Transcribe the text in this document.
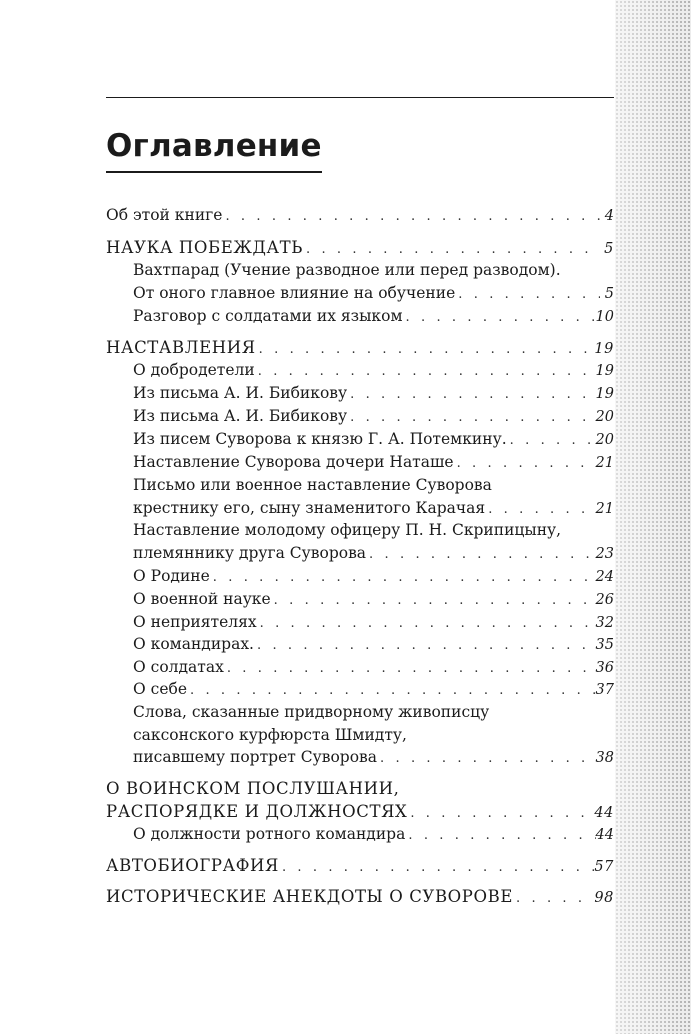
Оглавление
Об этой книге . . .	4
НАУКА ПОБЕЖДАТЬ . . .	5
Вахтпарад (Учение разводное или перед разводом).
От оного главное влияние на обучение . . .	5
Разговор с солдатами их языком . . .	10
НАСТАВЛЕНИЯ . . .	19
О добродетели . . .	19
Из письма А. И. Бибикову . . .	19
Из письма А. И. Бибикову . . .	20
Из писем Суворова к князю Г. А. Потемкину. . . .	20
Наставление Суворова дочери Наташе . . .	21
Письмо или военное наставление Суворова
крестнику его, сыну знаменитого Карачая . . .	21
Наставление молодому офицеру П. Н. Скрипицыну,
племяннику друга Суворова . . .	23
О Родине . . .	24
О военной науке . . .	26
О неприятелях . . .	32
О командирах. . . .	35
О солдатах . . .	36
О себе . . .	37
Слова, сказанные придворному живописцу
саксонского курфюрста Шмидту,
писавшему портрет Суворова . . .	38
О ВОИНСКОМ ПОСЛУШАНИИ,
РАСПОРЯДКЕ И ДОЛЖНОСТЯХ . . .	44
О должности ротного командира . . .	44
АВТОБИОГРАФИЯ . . .	57
ИСТОРИЧЕСКИЕ АНЕКДОТЫ О СУВОРОВЕ . . .	98
